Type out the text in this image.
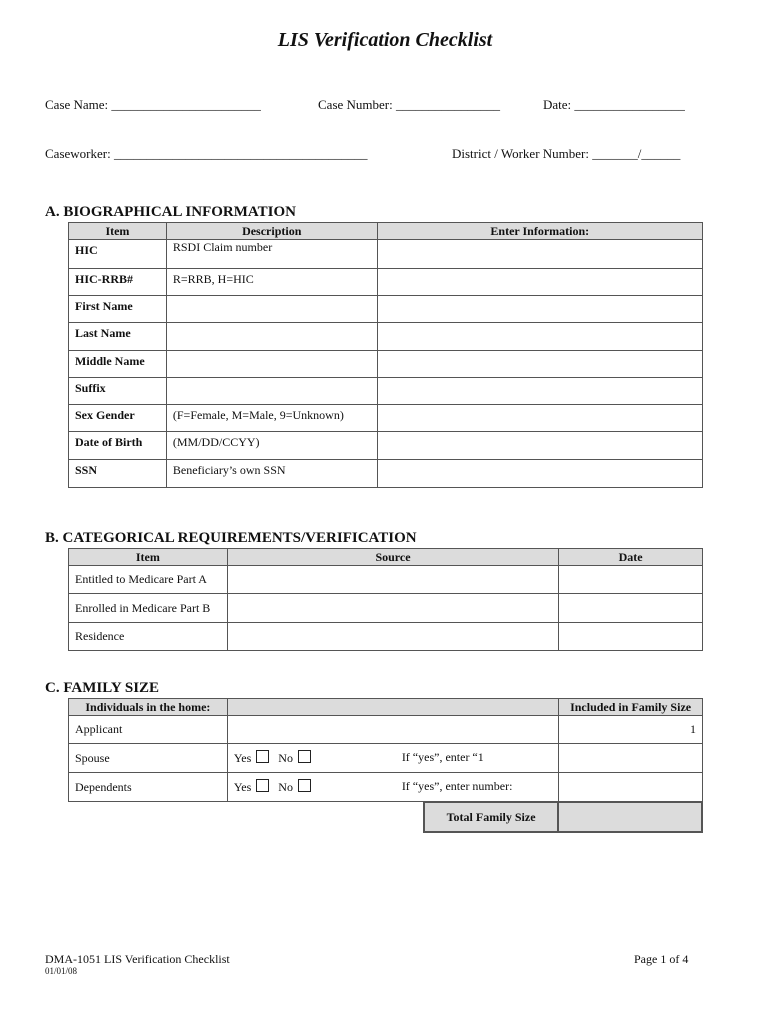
LIS Verification Checklist
Case Name: _______________________	Case Number: ________________	Date: _________________
Caseworker: _______________________________________	District / Worker Number: _______/______
A. BIOGRAPHICAL INFORMATION
Item	Description	Enter Information:
HIC	RSDI Claim number	
HIC-RRB#	R=RRB, H=HIC	
First Name		
Last Name		
Middle Name		
Suffix		
Sex Gender	(F=Female, M=Male, 9=Unknown)	
Date of Birth	(MM/DD/CCYY)	
SSN	Beneficiary’s own SSN	
B. CATEGORICAL REQUIREMENTS/VERIFICATION
Item	Source	Date
Entitled to Medicare Part A		
Enrolled in Medicare Part B		
Residence		
C. FAMILY SIZE
Individuals in the home:		Included in Family Size
Applicant		1
Spouse	Yes No If “yes”, enter “1	

Dependents	Yes No If “yes”, enter number:	

Total Family Size	
DMA-1051 LIS Verification Checklist
01/01/08
Page 1 of 4
